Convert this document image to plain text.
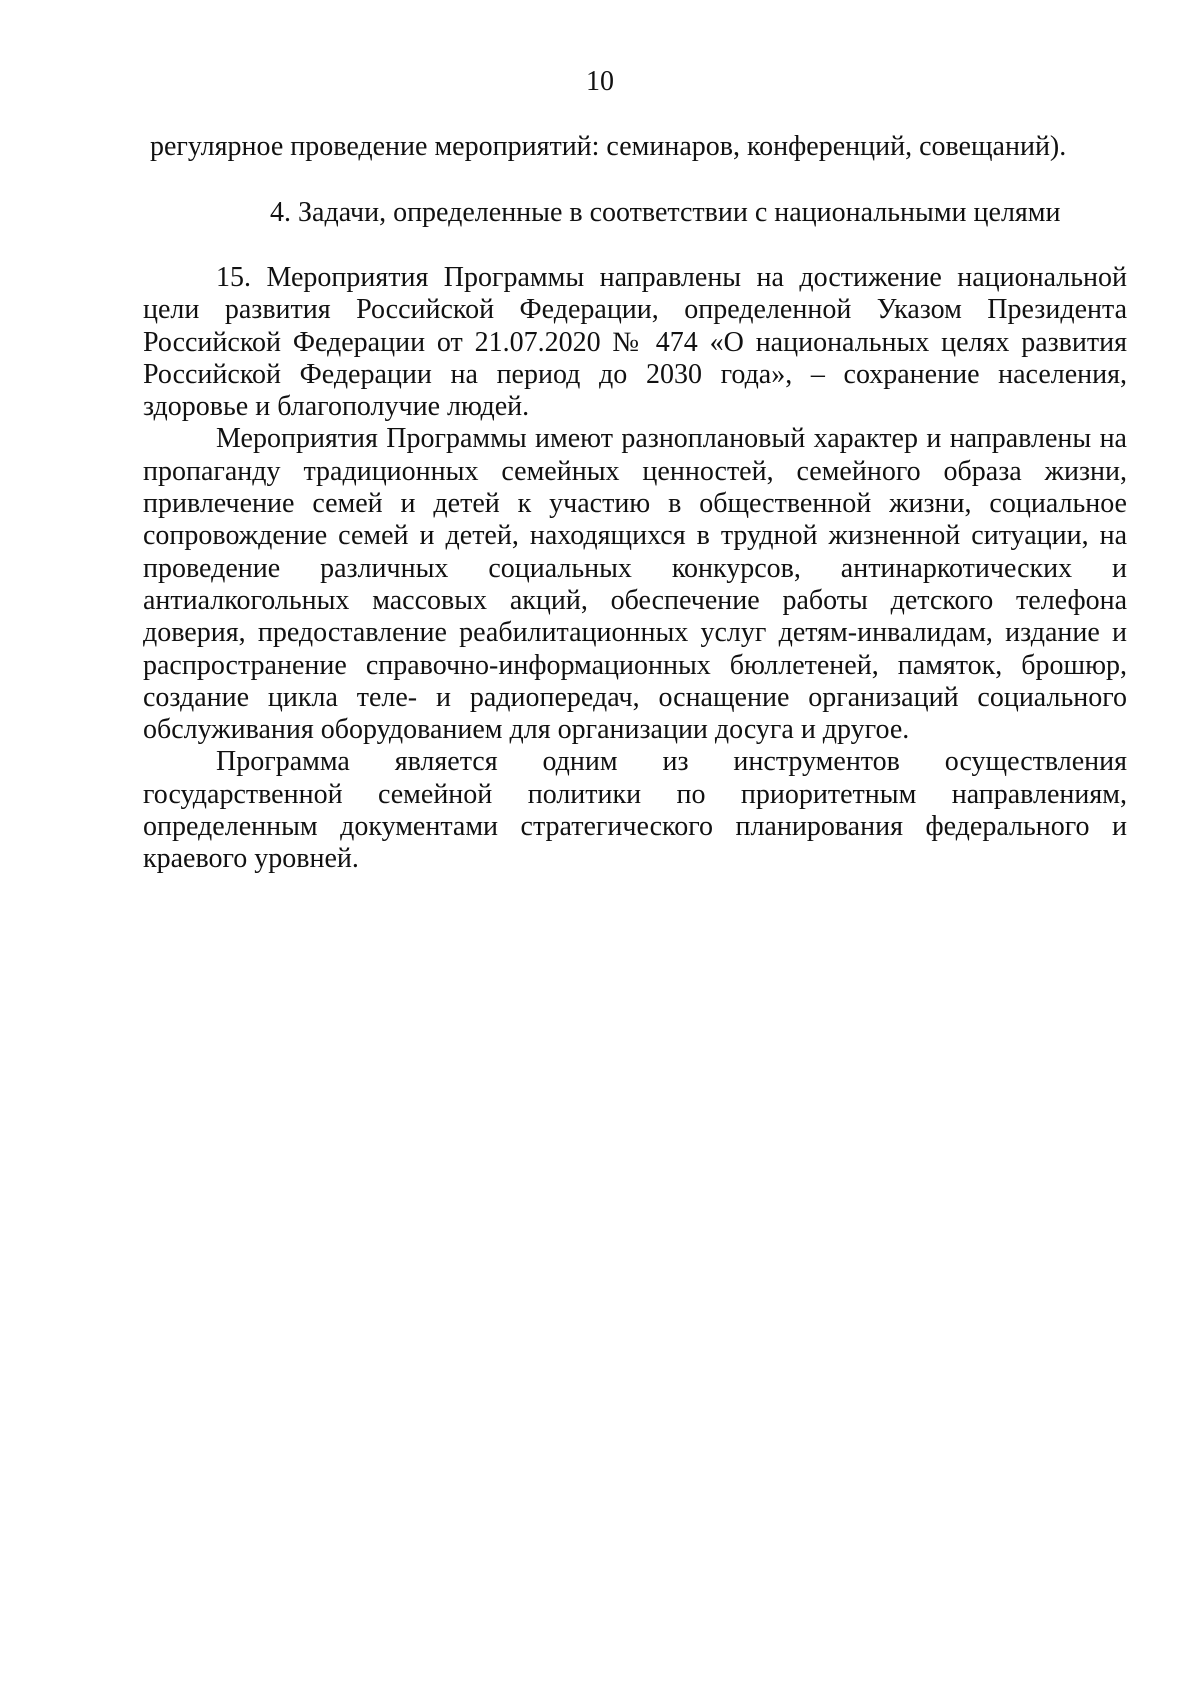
10
регулярное проведение мероприятий: семинаров, конференций, совещаний).
4. Задачи, определенные в соответствии с национальными целями

15. Мероприятия Программы направлены на достижение национальной цели развития Российской Федерации, определенной Указом Президента Российской Федерации от 21.07.2020 № 474 «О национальных целях развития Российской Федерации на период до 2030 года», – сохранение населения, здоровье и благополучие людей.

Мероприятия Программы имеют разноплановый характер и направлены на пропаганду традиционных семейных ценностей, семейного образа жизни, привлечение семей и детей к участию в общественной жизни, социальное сопровождение семей и детей, находящихся в трудной жизненной ситуации, на проведение различных социальных конкурсов, антинаркотических и антиалкогольных массовых акций, обеспечение работы детского телефона доверия, предоставление реабилитационных услуг детям-инвалидам, издание и распространение справочно-информационных бюллетеней, памяток, брошюр, создание цикла теле- и радиопередач, оснащение организаций социального обслуживания оборудованием для организации досуга и другое.

Программа является одним из инструментов осуществления государственной семейной политики по приоритетным направлениям, определенным документами стратегического планирования федерального и краевого уровней.
